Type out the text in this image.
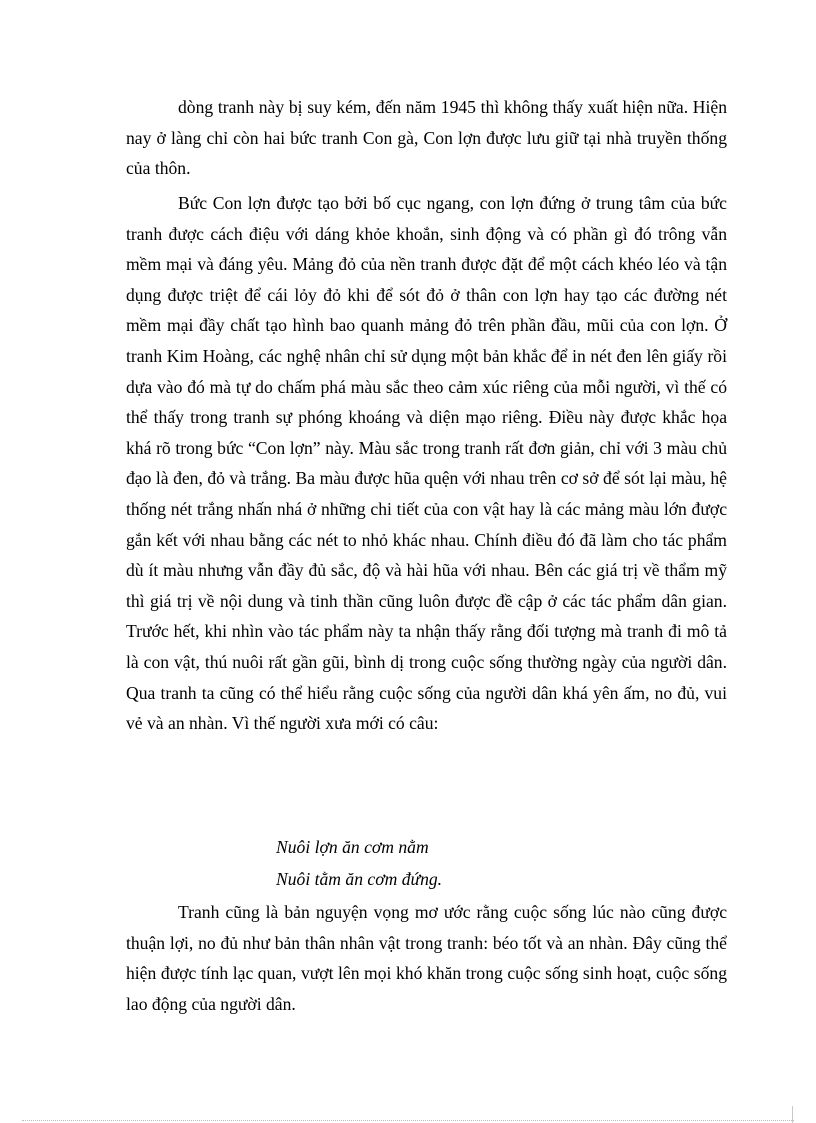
dòng tranh này bị suy kém, đến năm 1945 thì không thấy xuất hiện nữa. Hiện nay ở làng chỉ còn hai bức tranh Con gà, Con lợn được lưu giữ tại nhà truyền thống của thôn.

Bức Con lợn được tạo bởi bố cục ngang, con lợn đứng ở trung tâm của bức tranh được cách điệu với dáng khỏe khoắn, sinh động và có phần gì đó trông vẫn mềm mại và đáng yêu. Mảng đỏ của nền tranh được đặt để một cách khéo léo và tận dụng được triệt để cái lỏy đỏ khi để sót đỏ ở thân con lợn hay tạo các đường nét mềm mại đầy chất tạo hình bao quanh mảng đỏ trên phần đầu, mũi của con lợn. Ở tranh Kim Hoàng, các nghệ nhân chỉ sử dụng một bản khắc để in nét đen lên giấy rồi dựa vào đó mà tự do chấm phá màu sắc theo cảm xúc riêng của mỗi người, vì thế có thể thấy trong tranh sự phóng khoáng và diện mạo riêng. Điều này được khắc họa khá rõ trong bức “Con lợn” này. Màu sắc trong tranh rất đơn giản, chỉ với 3 màu chủ đạo là đen, đỏ và trắng. Ba màu được hũa quện với nhau trên cơ sở để sót lại màu, hệ thống nét trắng nhấn nhá ở những chi tiết của con vật hay là các mảng màu lớn được gắn kết với nhau bằng các nét to nhỏ khác nhau. Chính điều đó đã làm cho tác phẩm dù ít màu nhưng vẫn đầy đủ sắc, độ và hài hũa với nhau. Bên các giá trị về thẩm mỹ thì giá trị về nội dung và tinh thần cũng luôn được đề cập ở các tác phẩm dân gian. Trước hết, khi nhìn vào tác phẩm này ta nhận thấy rằng đối tượng mà tranh đi mô tả là con vật, thú nuôi rất gần gũi, bình dị trong cuộc sống thường ngày của người dân. Qua tranh ta cũng có thể hiểu rằng cuộc sống của người dân khá yên ấm, no đủ, vui vẻ và an nhàn. Vì thế người xưa mới có câu:

Nuôi lợn ăn cơm nằm
Nuôi tằm ăn cơm đứng.

Tranh cũng là bản nguyện vọng mơ ước rằng cuộc sống lúc nào cũng được thuận lợi, no đủ như bản thân nhân vật trong tranh: béo tốt và an nhàn. Đây cũng thể hiện được tính lạc quan, vượt lên mọi khó khăn trong cuộc sống sinh hoạt, cuộc sống lao động của người dân.
